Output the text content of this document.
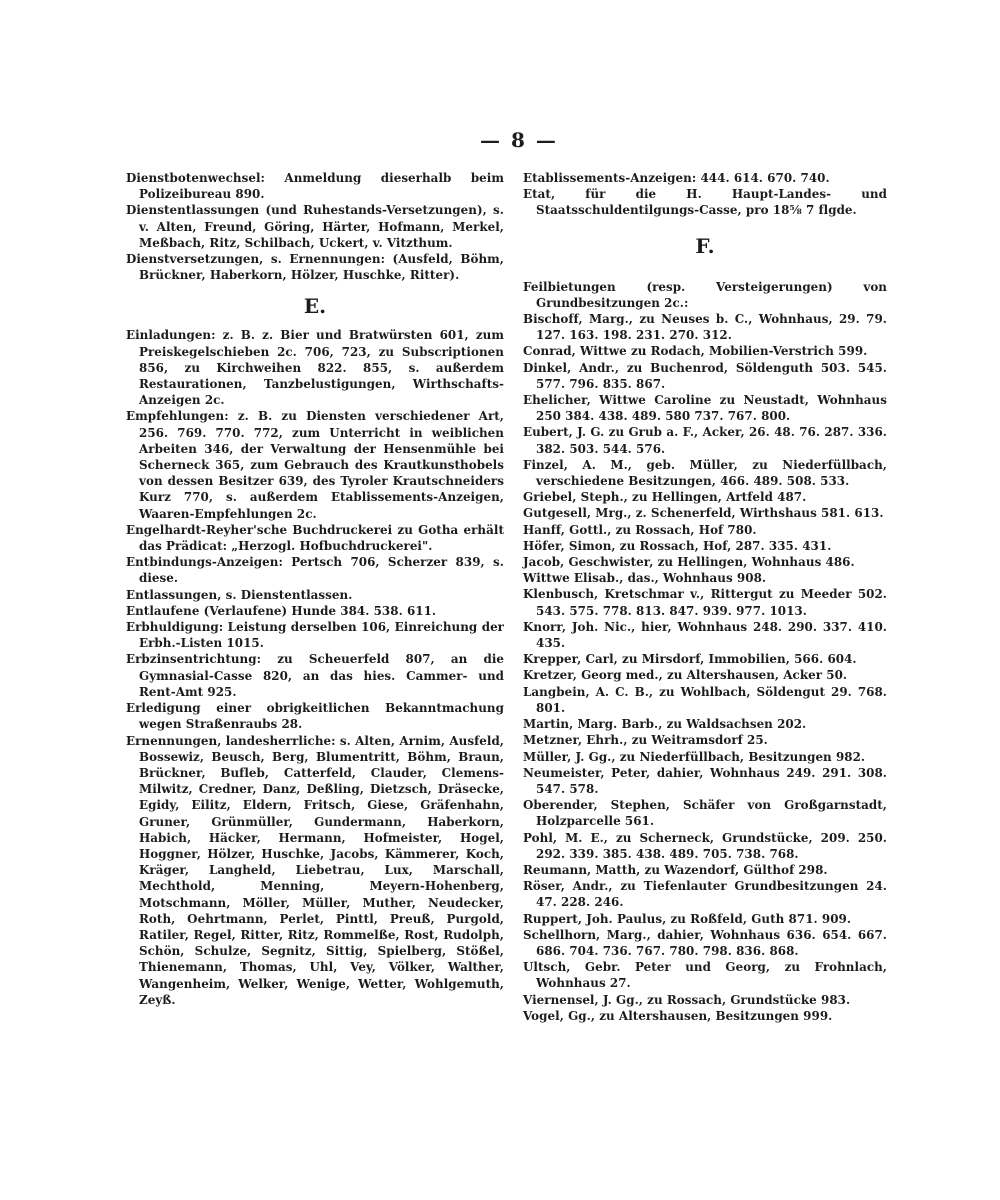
— 8 —

Dienstbotenwechsel: Anmeldung dieserhalb beim Polizeibureau 890.

Dienstentlassungen (und Ruhestands-Versetzungen), s. v. Alten, Freund, Göring, Härter, Hofmann, Merkel, Meßbach, Ritz, Schilbach, Uckert, v. Vitzthum.

Dienstversetzungen, s. Ernennungen: (Ausfeld, Böhm, Brückner, Haberkorn, Hölzer, Huschke, Ritter).

E.

Einladungen: z. B. z. Bier und Bratwürsten 601, zum Preiskegelschieben 2c. 706, 723, zu Subscriptionen 856, zu Kirchweihen 822. 855, s. außerdem Restaurationen, Tanzbelustigungen, Wirthschafts-Anzeigen 2c.

Empfehlungen: z. B. zu Diensten verschiedener Art, 256. 769. 770. 772, zum Unterricht in weiblichen Arbeiten 346, der Verwaltung der Hensenmühle bei Scherneck 365, zum Gebrauch des Krautkunsthobels von dessen Besitzer 639, des Tyroler Krautschneiders Kurz 770, s. außerdem Etablissements-Anzeigen, Waaren-Empfehlungen 2c.

Engelhardt-Reyher'sche Buchdruckerei zu Gotha erhält das Prädicat: „Herzogl. Hofbuchdruckerei".

Entbindungs-Anzeigen: Pertsch 706, Scherzer 839, s. diese.

Entlassungen, s. Dienstentlassen.

Entlaufene (Verlaufene) Hunde 384. 538. 611.

Erbhuldigung: Leistung derselben 106, Einreichung der Erbh.-Listen 1015.

Erbzinsentrichtung: zu Scheuerfeld 807, an die Gymnasial-Casse 820, an das hies. Cammer- und Rent-Amt 925.

Erledigung einer obrigkeitlichen Bekanntmachung wegen Straßenraubs 28.

Ernennungen, landesherrliche: s. Alten, Arnim, Ausfeld, Bossewiz, Beusch, Berg, Blumentritt, Böhm, Braun, Brückner, Bufleb, Catterfeld, Clauder, Clemens-Milwitz, Credner, Danz, Deßling, Dietzsch, Dräsecke, Egidy, Eilitz, Eldern, Fritsch, Giese, Gräfenhahn, Gruner, Grünmüller, Gundermann, Haberkorn, Habich, Häcker, Hermann, Hofmeister, Hogel, Hoggner, Hölzer, Huschke, Jacobs, Kämmerer, Koch, Kräger, Langheld, Liebetrau, Lux, Marschall, Mechthold, Menning, Meyern-Hohenberg, Motschmann, Möller, Müller, Muther, Neudecker, Roth, Oehrtmann, Perlet, Pinttl, Preuß, Purgold, Ratiler, Regel, Ritter, Ritz, Rommelße, Rost, Rudolph, Schön, Schulze, Segnitz, Sittig, Spielberg, Stößel, Thienemann, Thomas, Uhl, Vey, Völker, Walther, Wangenheim, Welker, Wenige, Wetter, Wohlgemuth, Zeyß.

Etablissements-Anzeigen: 444. 614. 670. 740.

Etat, für die H. Haupt-Landes- und Staatsschuldentilgungs-Casse, pro 18⅝ 7 flgde.

F.

Feilbietungen (resp. Versteigerungen) von Grundbesitzungen 2c.:

Bischoff, Marg., zu Neuses b. C., Wohnhaus, 29. 79. 127. 163. 198. 231. 270. 312.

Conrad, Wittwe zu Rodach, Mobilien-Verstrich 599.

Dinkel, Andr., zu Buchenrod, Söldenguth 503. 545. 577. 796. 835. 867.

Ehelicher, Wittwe Caroline zu Neustadt, Wohnhaus 250 384. 438. 489. 580 737. 767. 800.

Eubert, J. G. zu Grub a. F., Acker, 26. 48. 76. 287. 336. 382. 503. 544. 576.

Finzel, A. M., geb. Müller, zu Niederfüllbach, verschiedene Besitzungen, 466. 489. 508. 533.

Griebel, Steph., zu Hellingen, Artfeld 487.

Gutgesell, Mrg., z. Schenerfeld, Wirthshaus 581. 613.

Hanff, Gottl., zu Rossach, Hof 780.

Höfer, Simon, zu Rossach, Hof, 287. 335. 431.

Jacob, Geschwister, zu Hellingen, Wohnhaus 486.

Wittwe Elisab., das., Wohnhaus 908.

Klenbusch, Kretschmar v., Rittergut zu Meeder 502. 543. 575. 778. 813. 847. 939. 977. 1013.

Knorr, Joh. Nic., hier, Wohnhaus 248. 290. 337. 410. 435.

Krepper, Carl, zu Mirsdorf, Immobilien, 566. 604.

Kretzer, Georg med., zu Altershausen, Acker 50.

Langbein, A. C. B., zu Wohlbach, Söldengut 29. 768. 801.

Martin, Marg. Barb., zu Waldsachsen 202.

Metzner, Ehrh., zu Weitramsdorf 25.

Müller, J. Gg., zu Niederfüllbach, Besitzungen 982.

Neumeister, Peter, dahier, Wohnhaus 249. 291. 308. 547. 578.

Oberender, Stephen, Schäfer von Großgarnstadt, Holzparcelle 561.

Pohl, M. E., zu Scherneck, Grundstücke, 209. 250. 292. 339. 385. 438. 489. 705. 738. 768.

Reumann, Matth, zu Wazendorf, Gülthof 298.

Röser, Andr., zu Tiefenlauter Grundbesitzungen 24. 47. 228. 246.

Ruppert, Joh. Paulus, zu Roßfeld, Guth 871. 909.

Schellhorn, Marg., dahier, Wohnhaus 636. 654. 667. 686. 704. 736. 767. 780. 798. 836. 868.

Ultsch, Gebr. Peter und Georg, zu Frohnlach, Wohnhaus 27.

Viernensel, J. Gg., zu Rossach, Grundstücke 983.

Vogel, Gg., zu Altershausen, Besitzungen 999.
